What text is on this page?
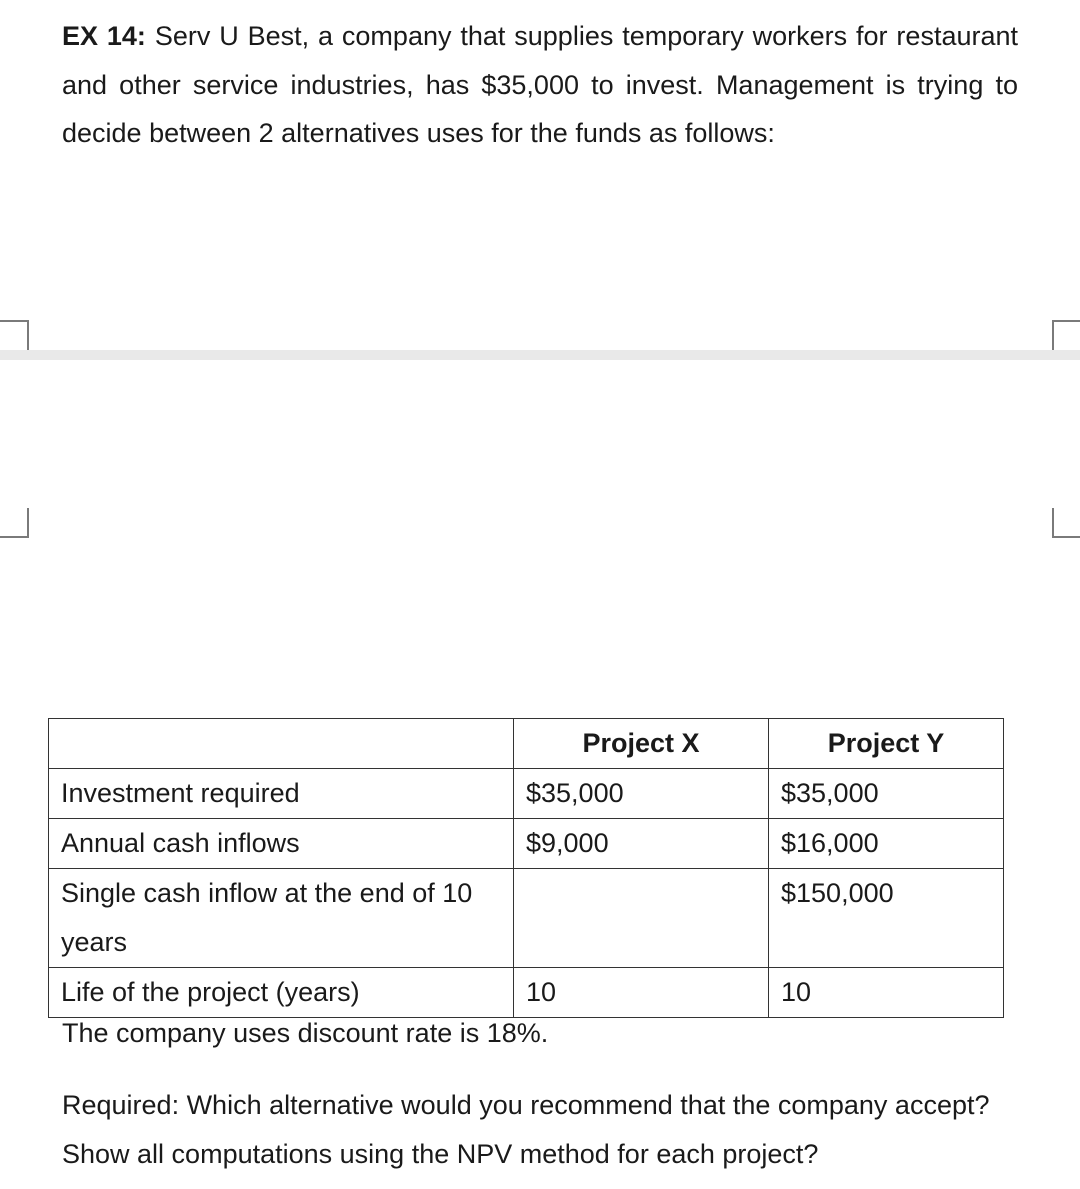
EX 14: Serv U Best, a company that supplies temporary workers for restaurant and other service industries, has $35,000 to invest. Management is trying to decide between 2 alternatives uses for the funds as follows:

	Project X	Project Y
Investment required	$35,000	$35,000
Annual cash inflows	$9,000	$16,000
Single cash inflow at the end of 10 years		$150,000
Life of the project (years)	10	10

The company uses discount rate is 18%.

Required: Which alternative would you recommend that the company accept?
Show all computations using the NPV method for each project?
